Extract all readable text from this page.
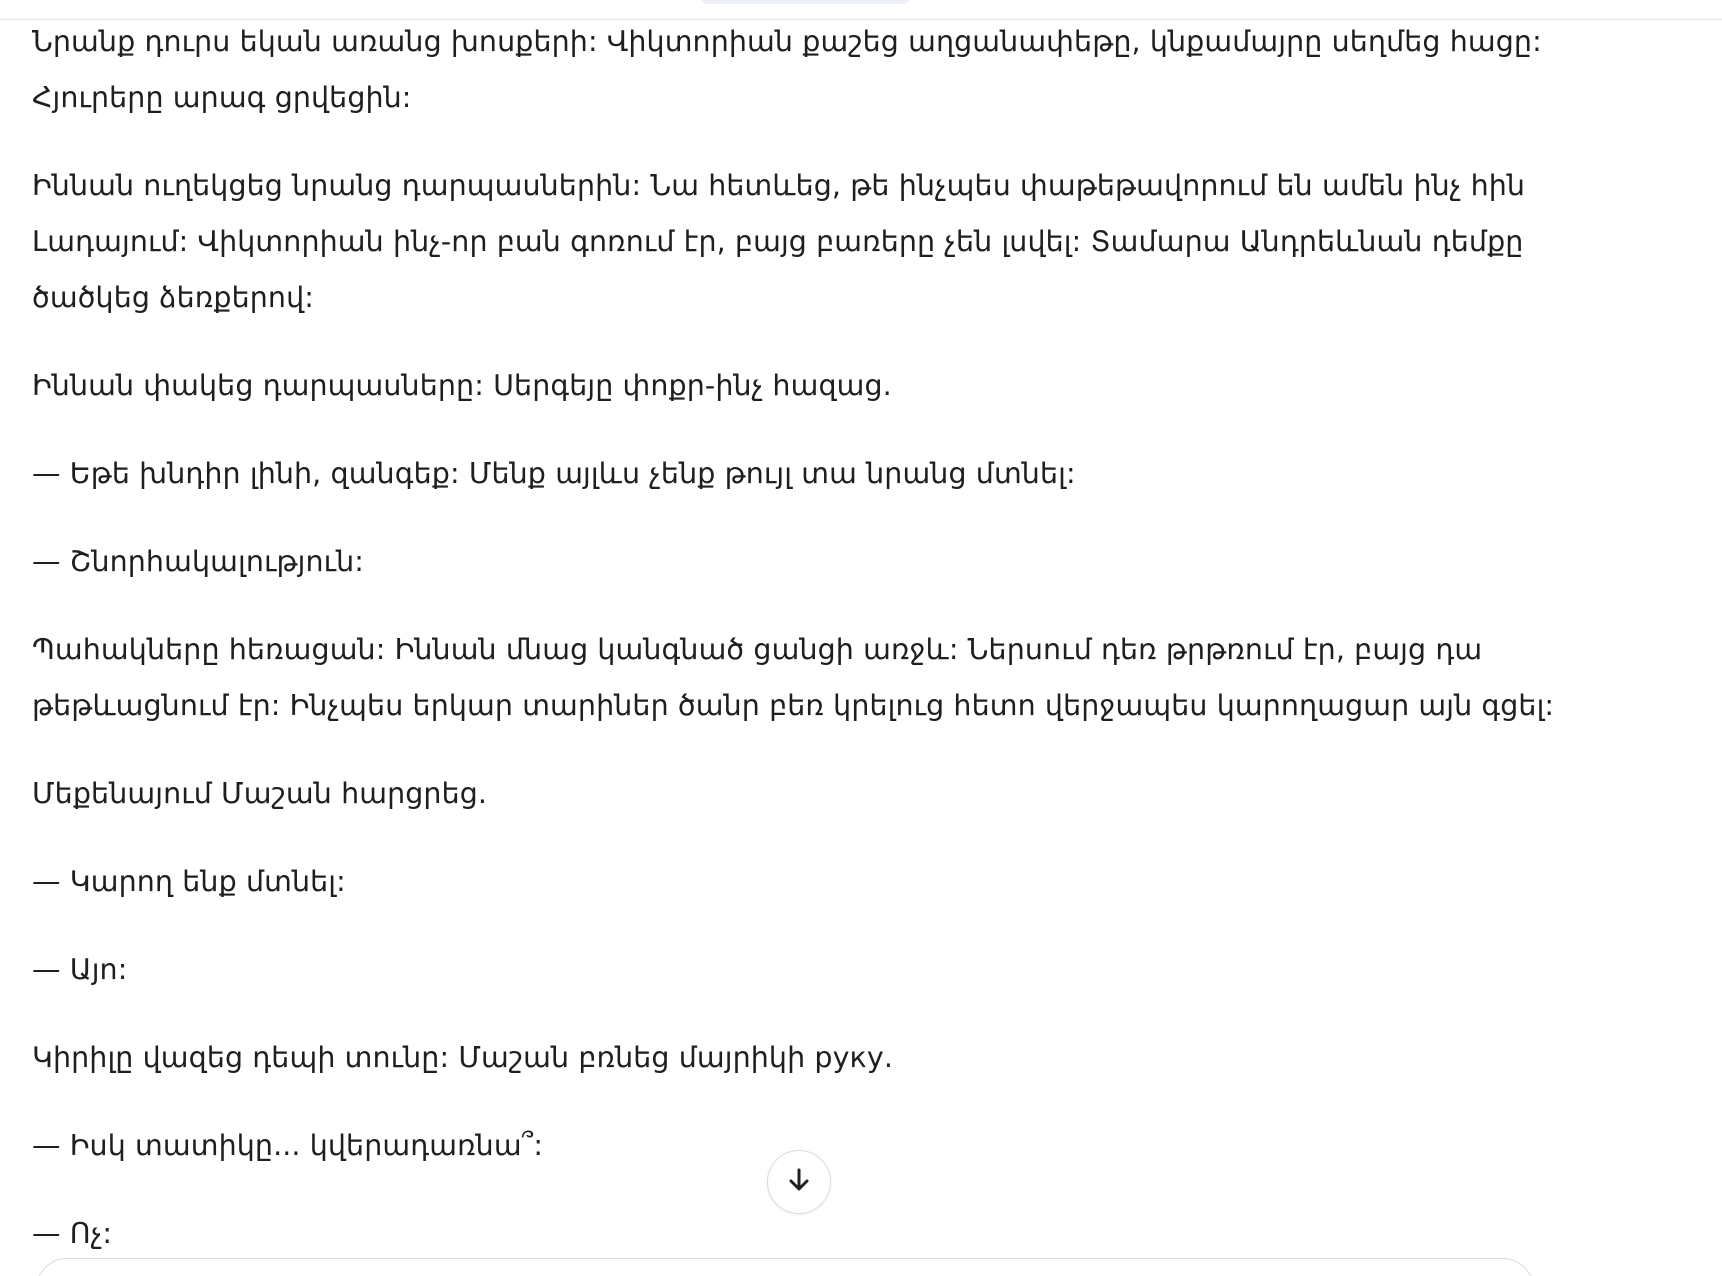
Նրանք դուրս եկան առանց խոսքերի: Վիկտորիան քաշեց աղցանափեթը, կնքամայրը սեղմեց հացը: Հյուրերը արագ ցրվեցին:

Իննան ուղեկցեց նրանց դարպասներին: Նա հետևեց, թե ինչպես փաթեթավորում են ամեն ինչ հին Լադայում: Վիկտորիան ինչ-որ բան գոռում էր, բայց բառերը չեն լսվել: Տամարա Անդրեևնան դեմքը ծածկեց ձեռքերով:

Իննան փակեց դարպասները: Սերգեյը փոքր-ինչ հազաց.

— Եթե խնդիր լինի, զանգեք: Մենք այլևս չենք թույլ տա նրանց մտնել:

— Շնորհակալություն:

Պահակները հեռացան: Իննան մնաց կանգնած ցանցի առջև: Ներսում դեռ թրթռում էր, բայց դա թեթևացնում էր: Ինչպես երկար տարիներ ծանր բեռ կրելուց հետո վերջապես կարողացար այն գցել:

Մեքենայում Մաշան հարցրեց.

— Կարող ենք մտնել:

— Այո:

Կիրիլը վազեց դեպի տունը: Մաշան բռնեց մայրիկի руку.

— Իսկ տատիկը... կվերադառնա՞:

— Ոչ:
